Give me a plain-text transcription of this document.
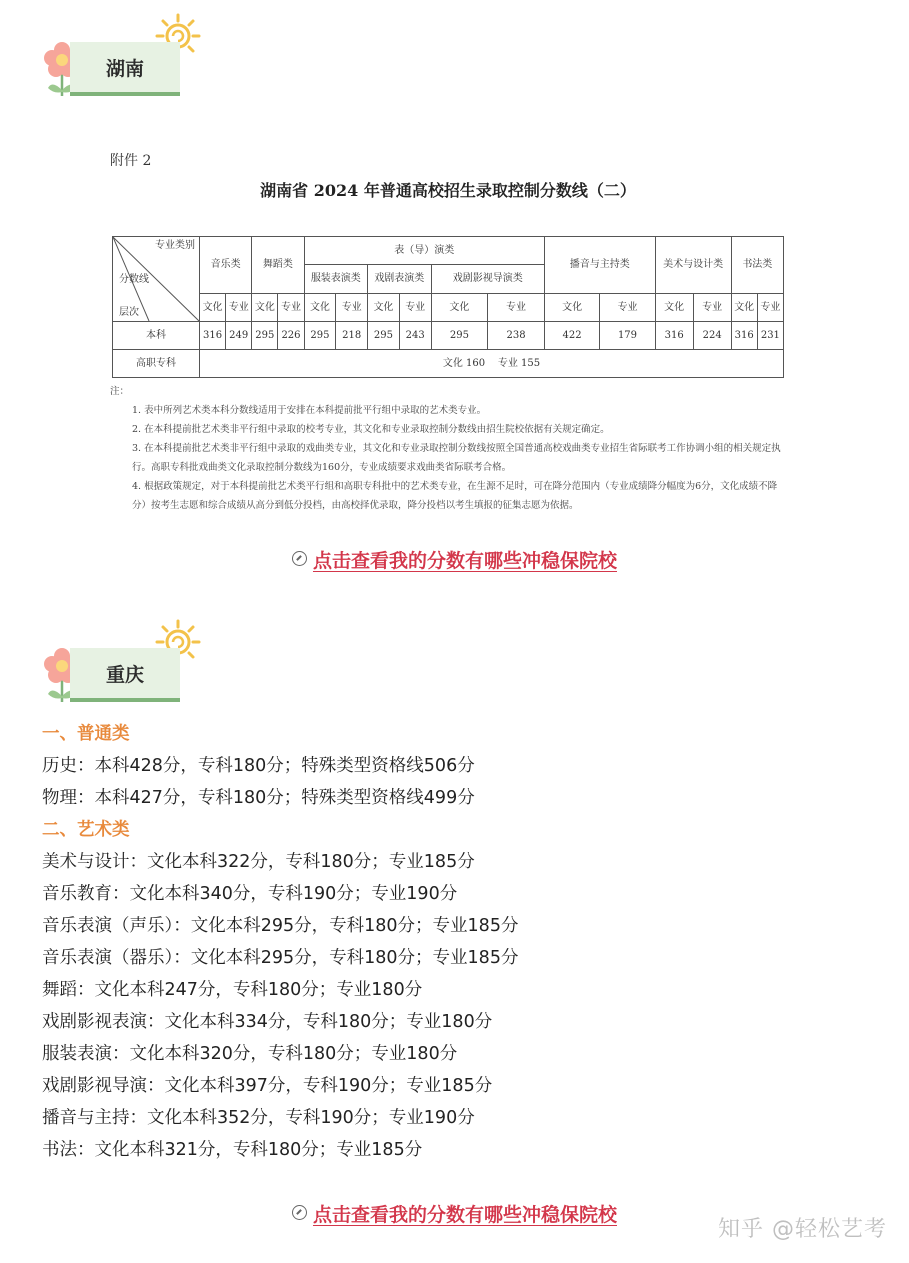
湖南
附件 2
湖南省 2024 年普通高校招生录取控制分数线（二）
专业类别
分数线
层次	音乐类		舞蹈类		表（导）演类						播音与主持类		美术与设计类		书法类	
					服装表演类		戏剧表演类		戏剧影视导演类							
	文化	专业	文化	专业	文化	专业	文化	专业	文化	专业	文化	专业	文化	专业	文化	专业
本科	316	249	295	226	295	218	295	243	295	238	422	179	316	224	316	231
高职专科	文化 160    专业 155															

注：

1. 表中所列艺术类本科分数线适用于安排在本科提前批平行组中录取的艺术类专业。

2. 在本科提前批艺术类非平行组中录取的校考专业，其文化和专业录取控制分数线由招生院校依据有关规定确定。

3. 在本科提前批艺术类非平行组中录取的戏曲类专业，其文化和专业录取控制分数线按照全国普通高校戏曲类专业招生省际联考工作协调小组的相关规定执行。高职专科批戏曲类文化录取控制分数线为160分，专业成绩要求戏曲类省际联考合格。

4. 根据政策规定，对于本科提前批艺术类平行组和高职专科批中的艺术类专业，在生源不足时，可在降分范围内（专业成绩降分幅度为6分，文化成绩不降分）按考生志愿和综合成绩从高分到低分投档，由高校择优录取，降分投档以考生填报的征集志愿为依据。

点击查看我的分数有哪些冲稳保院校
重庆
一、普通类
历史：本科428分，专科180分；特殊类型资格线506分
物理：本科427分，专科180分；特殊类型资格线499分
二、艺术类
美术与设计：文化本科322分，专科180分；专业185分
音乐教育：文化本科340分，专科190分；专业190分
音乐表演（声乐）：文化本科295分，专科180分；专业185分
音乐表演（器乐）：文化本科295分，专科180分；专业185分
舞蹈：文化本科247分，专科180分；专业180分
戏剧影视表演：文化本科334分，专科180分；专业180分
服装表演：文化本科320分，专科180分；专业180分
戏剧影视导演：文化本科397分，专科190分；专业185分
播音与主持：文化本科352分，专科190分；专业190分
书法：文化本科321分，专科180分；专业185分
点击查看我的分数有哪些冲稳保院校
知乎 @轻松艺考
